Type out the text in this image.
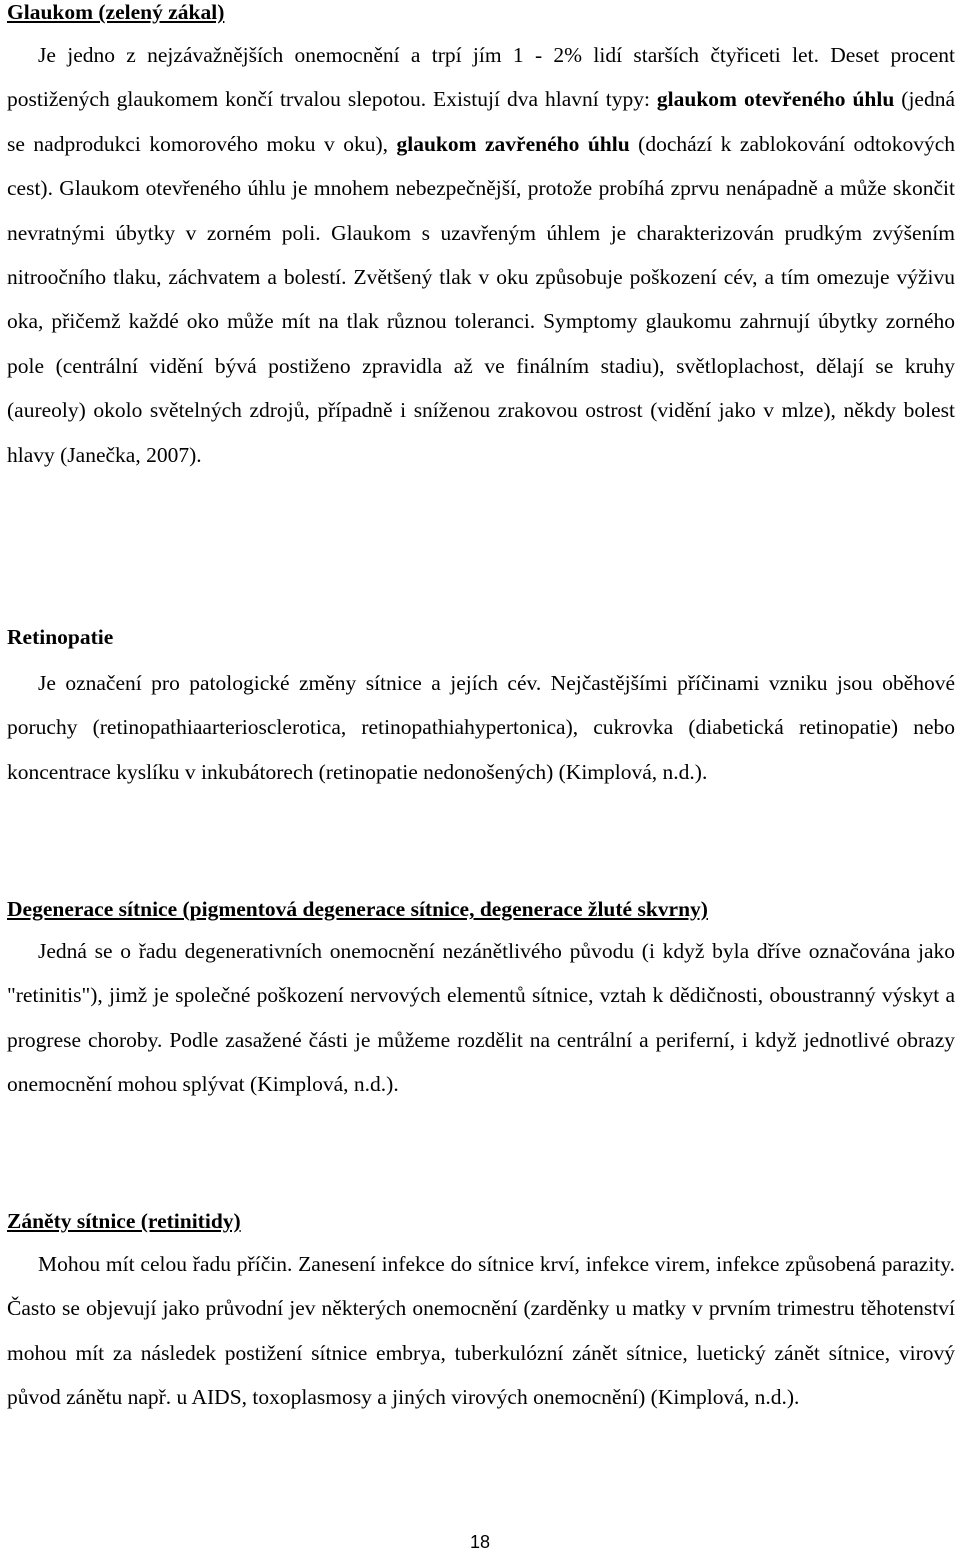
Glaukom (zelený zákal)

Je jedno z nejzávažnějších onemocnění a trpí jím 1 - 2% lidí starších čtyřiceti let. Deset procent postižených glaukomem končí trvalou slepotou. Existují dva hlavní typy: glaukom otevřeného úhlu (jedná se nadprodukci komorového moku v oku), glaukom zavřeného úhlu (dochází k zablokování odtokových cest). Glaukom otevřeného úhlu je mnohem nebezpečnější, protože probíhá zprvu nenápadně a může skončit nevratnými úbytky v zorném poli. Glaukom s uzavřeným úhlem je charakterizován prudkým zvýšením nitroočního tlaku, záchvatem a bolestí. Zvětšený tlak v oku způsobuje poškození cév, a tím omezuje výživu oka, přičemž každé oko může mít na tlak různou toleranci. Symptomy glaukomu zahrnují úbytky zorného pole (centrální vidění bývá postiženo zpravidla až ve finálním stadiu), světloplachost, dělají se kruhy (aureoly) okolo světelných zdrojů, případně i sníženou zrakovou ostrost (vidění jako v mlze), někdy bolest hlavy (Janečka, 2007).

Retinopatie

Je označení pro patologické změny sítnice a jejích cév. Nejčastějšími příčinami vzniku jsou oběhové poruchy (retinopathiaarteriosclerotica, retinopathiahypertonica), cukrovka (diabetická retinopatie) nebo koncentrace kyslíku v inkubátorech (retinopatie nedonošených) (Kimplová, n.d.).

Degenerace sítnice (pigmentová degenerace sítnice, degenerace žluté skvrny)

Jedná se o řadu degenerativních onemocnění nezánětlivého původu (i když byla dříve označována jako "retinitis"), jimž je společné poškození nervových elementů sítnice, vztah k dědičnosti, oboustranný výskyt a progrese choroby. Podle zasažené části je můžeme rozdělit na centrální a periferní, i když jednotlivé obrazy onemocnění mohou splývat (Kimplová, n.d.).

Záněty sítnice (retinitidy)

Mohou mít celou řadu příčin. Zanesení infekce do sítnice krví, infekce virem, infekce způsobená parazity. Často se objevují jako průvodní jev některých onemocnění (zarděnky u matky v prvním trimestru těhotenství mohou mít za následek postižení sítnice embrya, tuberkulózní zánět sítnice, luetický zánět sítnice, virový původ zánětu např. u AIDS, toxoplasmosy a jiných virových onemocnění) (Kimplová, n.d.).

18
